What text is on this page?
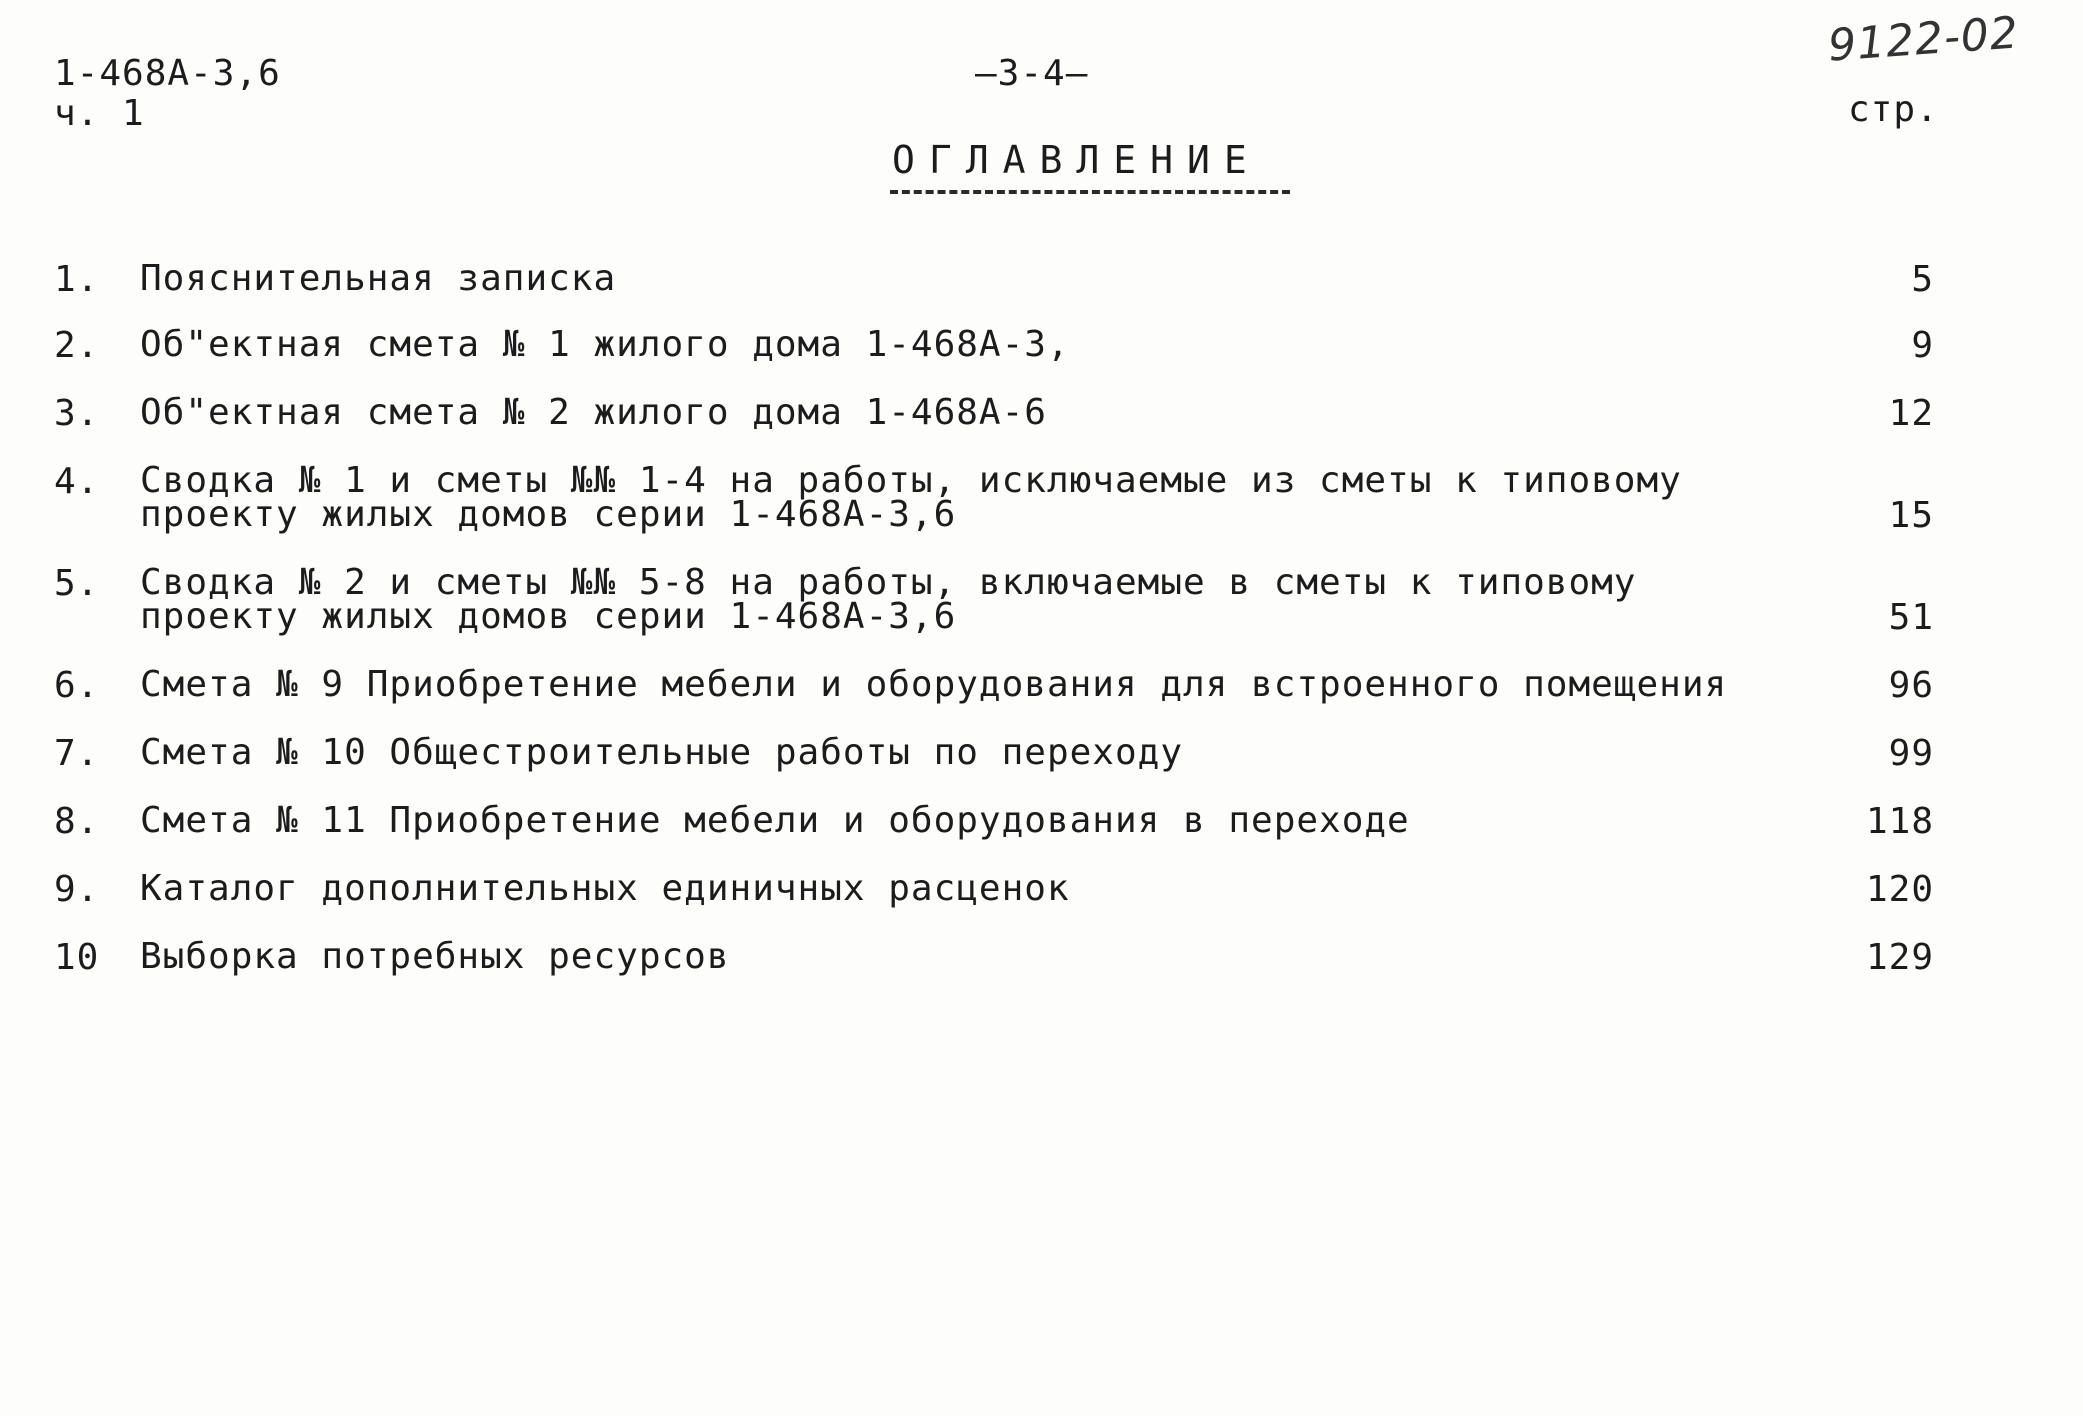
1-468А-3,6
ч. 1
—3-4—
9122-02
стр.
ОГЛАВЛЕНИЕ
1. Пояснительная записка	5
2. Об"ектная смета № 1 жилого дома 1-468А-3,	9
3. Об"ектная смета № 2 жилого дома 1-468А-6	12
4. Сводка № 1 и сметы №№ 1-4 на работы, исключаемые из сметы к типовому проекту жилых домов серии 1-468А-3,6	15
5. Сводка № 2 и сметы №№ 5-8 на работы, включаемые в сметы к типовому проекту жилых домов серии 1-468А-3,6	51
6. Смета № 9 Приобретение мебели и оборудования для встроенного помещения	96
7. Смета № 10 Общестроительные работы по переходу	99
8. Смета № 11 Приобретение мебели и оборудования в переходе	118
9. Каталог дополнительных единичных расценок	120
10 Выборка потребных ресурсов	129
